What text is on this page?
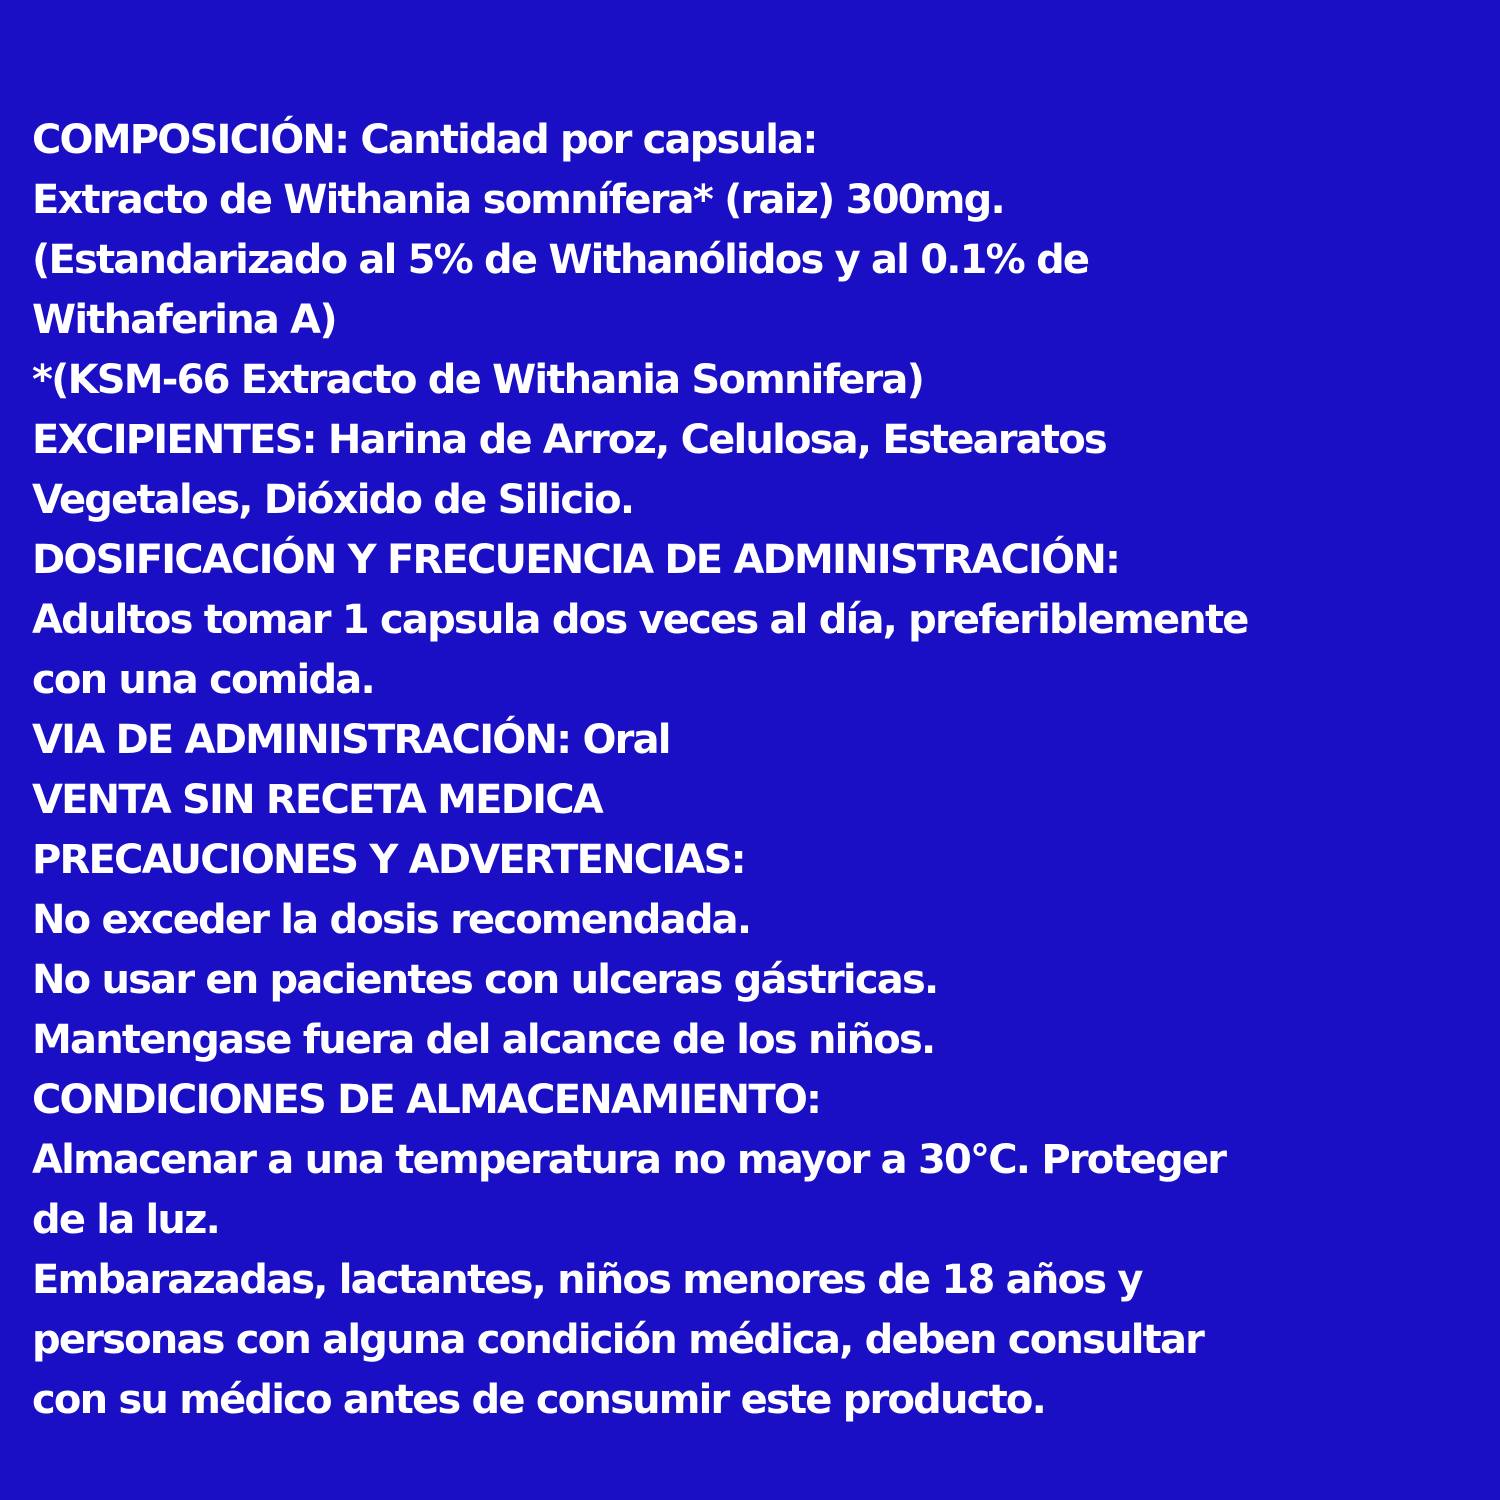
COMPOSICIÓN: Cantidad por capsula:
Extracto de Withania somnífera* (raiz) 300mg.
(Estandarizado al 5% de Withanólidos y al 0.1% de
Withaferina A)
*(KSM-66 Extracto de Withania Somnifera)
EXCIPIENTES: Harina de Arroz, Celulosa, Estearatos
Vegetales, Dióxido de Silicio.
DOSIFICACIÓN Y FRECUENCIA DE ADMINISTRACIÓN:
Adultos tomar 1 capsula dos veces al día, preferiblemente
con una comida.
VIA DE ADMINISTRACIÓN: Oral
VENTA SIN RECETA MEDICA
PRECAUCIONES Y ADVERTENCIAS:
No exceder la dosis recomendada.
No usar en pacientes con ulceras gástricas.
Mantengase fuera del alcance de los niños.
CONDICIONES DE ALMACENAMIENTO:
Almacenar a una temperatura no mayor a 30°C. Proteger
de la luz.
Embarazadas, lactantes, niños menores de 18 años y
personas con alguna condición médica, deben consultar
con su médico antes de consumir este producto.
